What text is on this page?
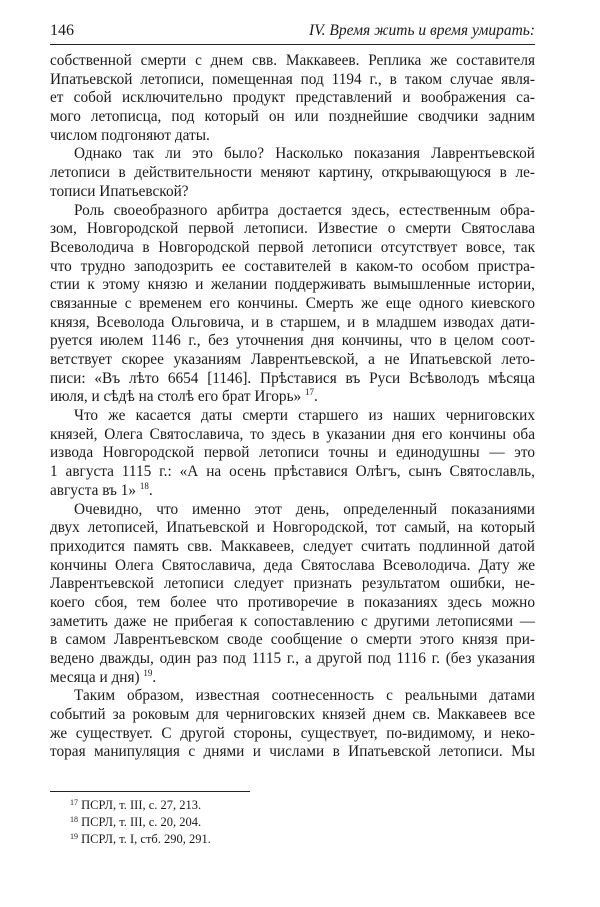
146	IV. Время жить и время умирать:
собственной смерти с днем свв. Маккавеев. Реплика же составителя
Ипатьевской летописи, помещенная под 1194 г., в таком случае явля-
ет собой исключительно продукт представлений и воображения са-
мого летописца, под который он или позднейшие сводчики задним
числом подгоняют даты.
Однако так ли это было? Насколько показания Лаврентьевской
летописи в действительности меняют картину, открывающуюся в ле-
тописи Ипатьевской?
Роль своеобразного арбитра достается здесь, естественным обра-
зом, Новгородской первой летописи. Известие о смерти Святослава
Всеволодича в Новгородской первой летописи отсутствует вовсе, так
что трудно заподозрить ее составителей в каком-то особом пристра-
стии к этому князю и желании поддерживать вымышленные истории,
связанные с временем его кончины. Смерть же еще одного киевского
князя, Всеволода Ольговича, и в старшем, и в младшем изводах дати-
руется июлем 1146 г., без уточнения дня кончины, что в целом соот-
ветствует скорее указаниям Лаврентьевской, а не Ипатьевской лето-
писи: «Въ лѣто 6654 [1146]. Прѣставися въ Руси Всѣволодъ мѣсяца
июля, и сѣдѣ на столѣ его брат Игорь» $^{17}$.
Что же касается даты смерти старшего из наших черниговских
князей, Олега Святославича, то здесь в указании дня его кончины оба
извода Новгородской первой летописи точны и единодушны — это
1 августа 1115 г.: «А на осень прѣставися Олѣгъ, сынъ Святославль,
августа въ 1» $^{18}$.
Очевидно, что именно этот день, определенный показаниями
двух летописей, Ипатьевской и Новгородской, тот самый, на который
приходится память свв. Маккавеев, следует считать подлинной датой
кончины Олега Святославича, деда Святослава Всеволодича. Дату же
Лаврентьевской летописи следует признать результатом ошибки, не-
коего сбоя, тем более что противоречие в показаниях здесь можно
заметить даже не прибегая к сопоставлению с другими летописями —
в самом Лаврентьевском своде сообщение о смерти этого князя при-
ведено дважды, один раз под 1115 г., а другой под 1116 г. (без указания
месяца и дня) $^{19}$.
Таким образом, известная соотнесенность с реальными датами
событий за роковым для черниговских князей днем св. Маккавеев все
же существует. С другой стороны, существует, по-видимому, и неко-
торая манипуляция с днями и числами в Ипатьевской летописи. Мы
$^{17}$ ПСРЛ, т. III, с. 27, 213.
$^{18}$ ПСРЛ, т. III, с. 20, 204.
$^{19}$ ПСРЛ, т. I, стб. 290, 291.
